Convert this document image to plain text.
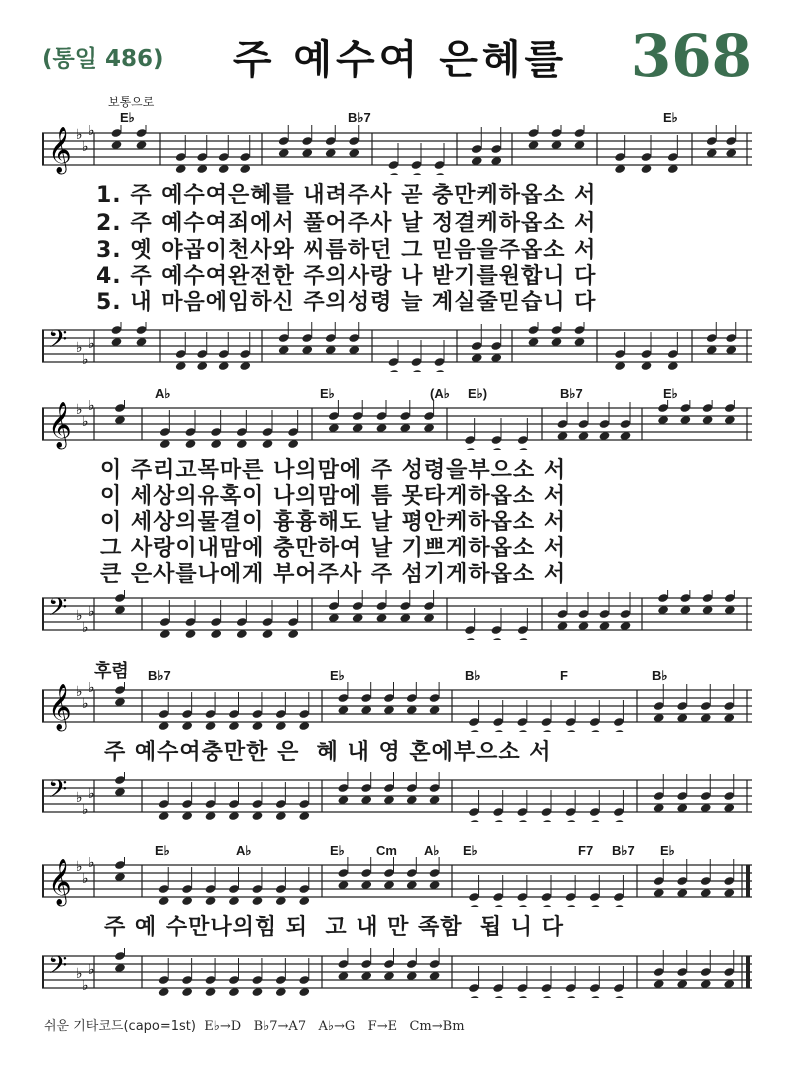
(통일 486)	주 예수여 은혜를	368
보통으로
E♭	B♭7	E♭
𝄞 ♭
♭
♭
1. 주 예수여은혜를 내려주사 곧 충만케하옵소 서
2. 주 예수여죄에서 풀어주사 날 정결케하옵소 서
3. 옛 야곱이천사와 씨름하던 그 믿음을주옵소 서
4. 주 예수여완전한 주의사랑 나 받기를원합니 다
5. 내 마음에임하신 주의성령 늘 계실줄믿습니 다
𝄢 ♭
♭
♭
A♭	E♭	(A♭ E♭)	B♭7	E♭
𝄞 ♭
♭
♭
이 주리고목마른 나의맘에 주 성령을부으소 서
이 세상의유혹이 나의맘에 틈 못타게하옵소 서
이 세상의물결이 흉흉해도 날 평안케하옵소 서
그 사랑이내맘에 충만하여 날 기쁘게하옵소 서
큰 은사를나에게 부어주사 주 섬기게하옵소 서
𝄢 ♭
♭
♭
후렴 B♭7	E♭	B♭	F	B♭
𝄞 ♭
♭
♭
주 예수여충만한 은  혜 내 영 혼에부으소 서
𝄢 ♭
♭
♭
E♭	A♭	E♭ Cm A♭ E♭	F7 B♭7 E♭
𝄞 ♭
♭
♭
주 예 수만나의힘 되  고 내 만 족함  됩 니 다
𝄢 ♭
♭
♭
쉬운 기타코드(capo=1st) E♭→D   B♭7→A7   A♭→G   F→E   Cm→Bm
